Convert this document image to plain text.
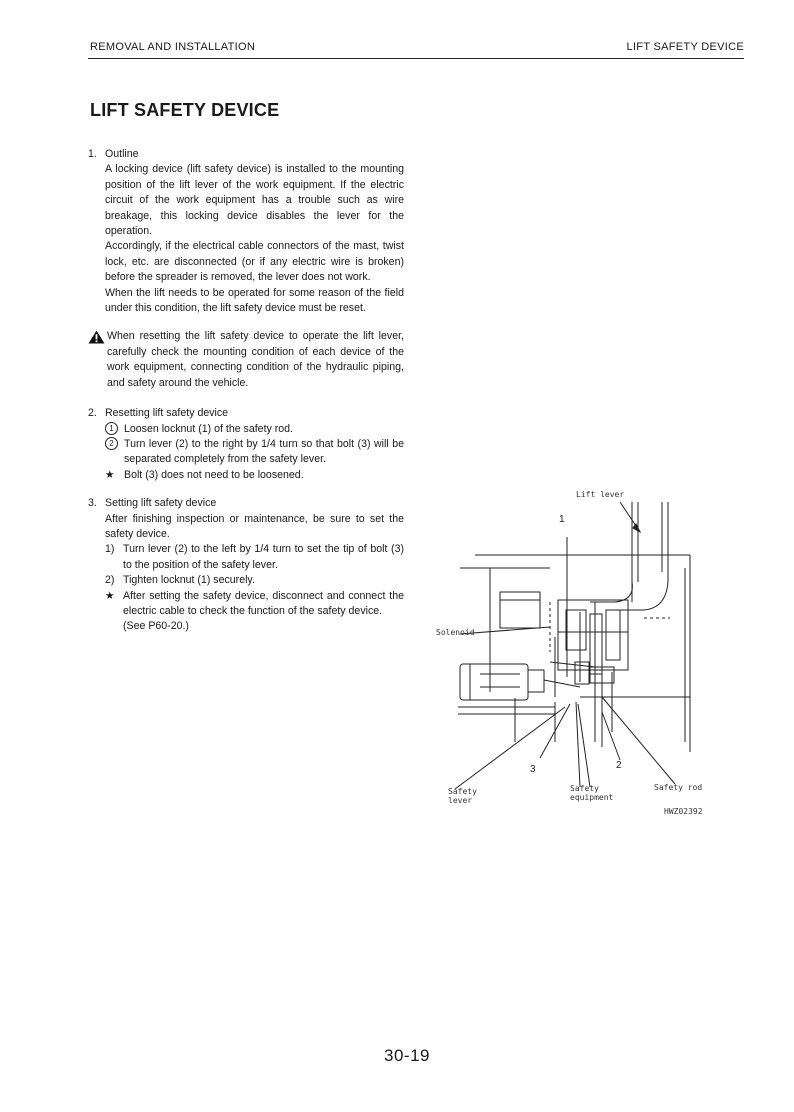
REMOVAL AND INSTALLATION	LIFT SAFETY DEVICE
LIFT SAFETY DEVICE
1. Outline
A locking device (lift safety device) is installed to the mounting position of the lift lever of the work equipment. If the electric circuit of the work equipment has a trouble such as wire breakage, this locking device disables the lever for the operation.
Accordingly, if the electrical cable connectors of the mast, twist lock, etc. are disconnected (or if any electric wire is broken) before the spreader is removed, the lever does not work.
When the lift needs to be operated for some reason of the field under this condition, the lift safety device must be reset.
When resetting the lift safety device to operate the lift lever, carefully check the mounting condition of each device of the work equipment, connecting condition of the hydraulic piping, and safety around the vehicle.
2. Resetting lift safety device
1 Loosen locknut (1) of the safety rod.
2 Turn lever (2) to the right by 1/4 turn so that bolt (3) will be separated completely from the safety lever.
★ Bolt (3) does not need to be loosened.
3. Setting lift safety device
After finishing inspection or maintenance, be sure to set the safety device.
1) Turn lever (2) to the left by 1/4 turn to set the tip of bolt (3) to the position of the safety lever.
2) Tighten locknut (1) securely.
★ After setting the safety device, disconnect and connect the electric cable to check the function of the safety device.
(See P60-20.)
Lift lever
Solenoid
Safety
lever
Safety
equipment
Safety rod
1
2
3
HWZ02392
30-19
